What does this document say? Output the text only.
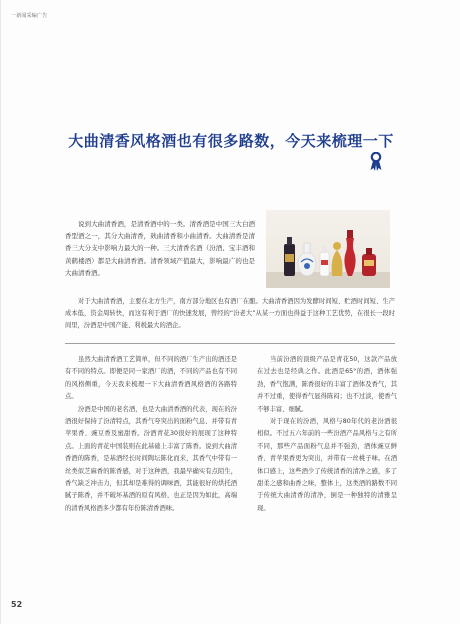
一新闻采编广告
大曲清香风格酒也有很多路数，今天来梳理一下

说到大曲清香酒，是清香酒中的一类。清香酒是中国三大白酒香型酒之一，其分大曲清香，麸曲清香和小曲清香。大曲清香是清香三大分支中影响力最大的一种。三大清香名酒（汾酒、宝丰酒和黄鹤楼酒）都是大曲清香酒。清香领域产值最大，影响最广的也是大曲清香酒。

对于大曲清香酒，主要在北方生产，南方部分地区也有酒厂在酿。大曲清香酒因为发酵时间短、贮酒时间短、生产成本低，资金周转快，而这有利于酒厂的快速发展，曾经的“汾老大”从某一方面也得益于这种工艺优势，在很长一段时间里，汾酒是中国产能、利税最大的酒企。

虽然大曲清香酒工艺简单，但不同的酒厂生产出的酒还是有不同的特点。即便是同一家酒厂的酒，不同的产品也有不同的风格侧重，今天我来梳理一下大曲清香酒风格酒的各路特点。

汾酒是中国的老名酒，也是大曲清香酒的代表，现在的汾酒很好保持了汾清特点，其香气夸突出的面粉气息、并带有青苹果香、豌豆香及蜜甜香。汾酒青花30很好的展现了这种特点。上面的青花中国装则在此基础上丰富了陈香。说到大曲清香酒的陈香，是基酒经长时间陶坛陈化而来，其香气中带有一丝类似芝麻香的陈香感，对于这种酒，我最早确实有点陌生，香气缺乏冲击力，但其却是难得的调味酒，其能很好的烘托酒腻子陈香，并不破坏基酒的原有风格，也正是因为如此，高端的清香风格酒多少都有年份陈清香酒味。

当前汾酒的顶级产品是青花50，这款产品放在过去也是经典之作。此酒是65°的酒，酒体强劲，香气饱满，陈香很好的丰富了酒体及香气，其并不过重，使得香气显得陈闷；也不过淡，使香气不够丰富、细腻。

对于现在的汾酒，风格与80年代的老汾酒很相似。不过五六年前的一些汾酒产品风格与之有所不同，那些产品面粉气息并不强劲，酒体豌豆鲜香、青苹果香更为突出，并带有一丝桃子味。在酒体口感上，这些酒少了传统清香的清净之感，多了甜柔之感和曲香之味，整体上，这类酒的路数不同于传统大曲清香的清净，倒是一种独特的清雅呈现。

52
